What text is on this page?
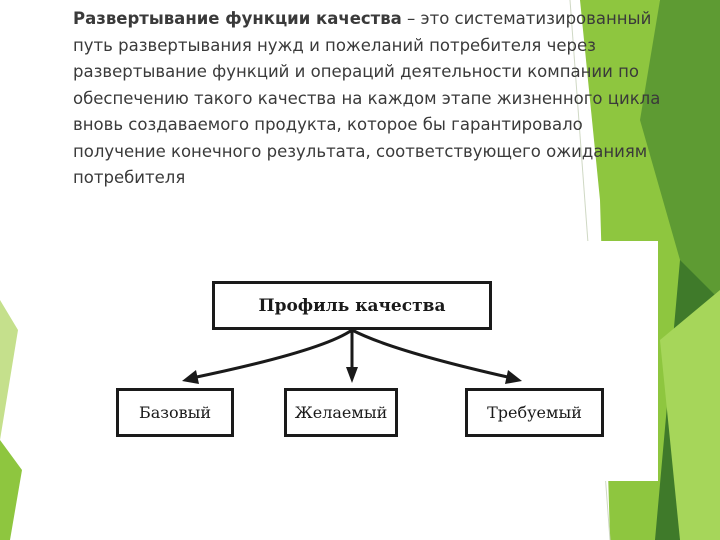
Развертывание функции качества – это систематизированный путь развертывания нужд и пожеланий потребителя через развертывание функций и операций деятельности компании по обеспечению такого качества на каждом этапе жизненного цикла вновь создаваемого продукта, которое бы гарантировало получение конечного результата, соответствующего ожиданиям потребителя

Профиль качества
Базовый	Желаемый	Требуемый
